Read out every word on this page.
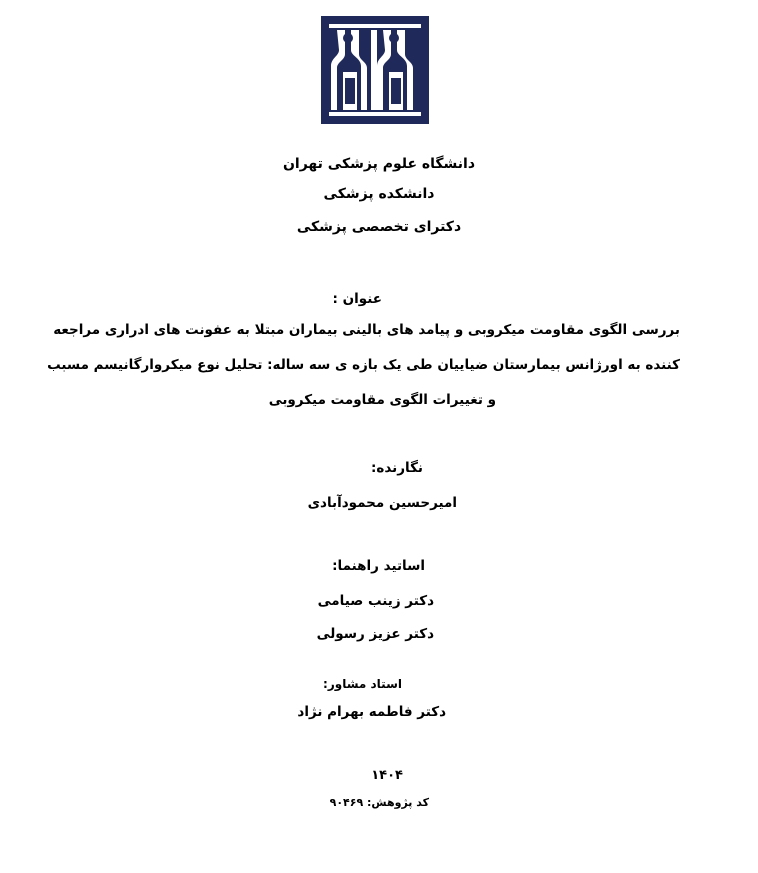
دانشگاه علوم پزشکی تهران

دانشکده پزشکی

دکترای تخصصی پزشکی

عنوان :

بررسی الگوی مقاومت میکروبی و پیامد های بالینی بیماران مبتلا به عفونت های ادراری مراجعه

کننده به اورژانس بیمارستان ضیاییان طی یک بازه ی سه ساله: تحلیل نوع میکروارگانیسم مسبب

و تغییرات الگوی مقاومت میکروبی

نگارنده:

امیرحسین محمودآبادی

اساتید راهنما:

دکتر زینب صیامی

دکتر عزیز رسولی

استاد مشاور:

دکتر فاطمه بهرام نژاد

۱۴۰۴

کد پژوهش: ۹۰۴۶۹
